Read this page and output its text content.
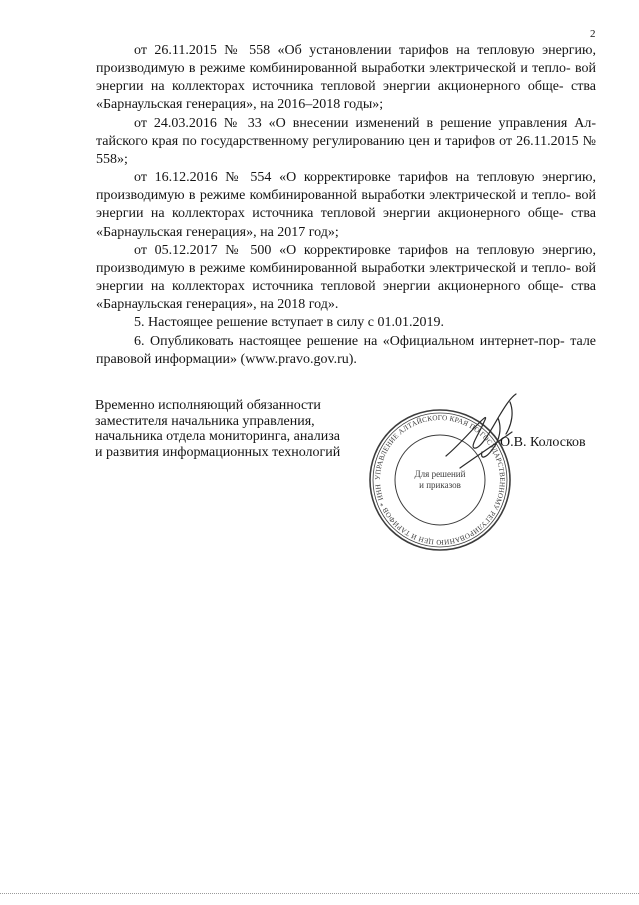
2

от 26.11.2015 № 558 «Об установлении тарифов на тепловую энергию, производимую в режиме комбинированной выработки электрической и тепло- вой энергии на коллекторах источника тепловой энергии акционерного обще- ства «Барнаульская генерация», на 2016–2018 годы»;

от 24.03.2016 № 33 «О внесении изменений в решение управления Ал- тайского края по государственному регулированию цен и тарифов от 26.11.2015 № 558»;

от 16.12.2016 № 554 «О корректировке тарифов на тепловую энергию, производимую в режиме комбинированной выработки электрической и тепло- вой энергии на коллекторах источника тепловой энергии акционерного обще- ства «Барнаульская генерация», на 2017 год»;

от 05.12.2017 № 500 «О корректировке тарифов на тепловую энергию, производимую в режиме комбинированной выработки электрической и тепло- вой энергии на коллекторах источника тепловой энергии акционерного обще- ства «Барнаульская генерация», на 2018 год».

5. Настоящее решение вступает в силу с 01.01.2019.

6. Опубликовать настоящее решение на «Официальном интернет-пор- тале правовой информации» (www.pravo.gov.ru).

Временно исполняющий обязанности
заместителя начальника управления,
начальника отдела мониторинга, анализа
и развития информационных технологий
УПРАВЛЕНИЕ АЛТАЙСКОГО КРАЯ ПО ГОСУДАРСТВЕННОМУ РЕГУЛИРОВАНИЮ ЦЕН И ТАРИФОВ * ИНН
Для решений
и приказов
О.В. Колосков
